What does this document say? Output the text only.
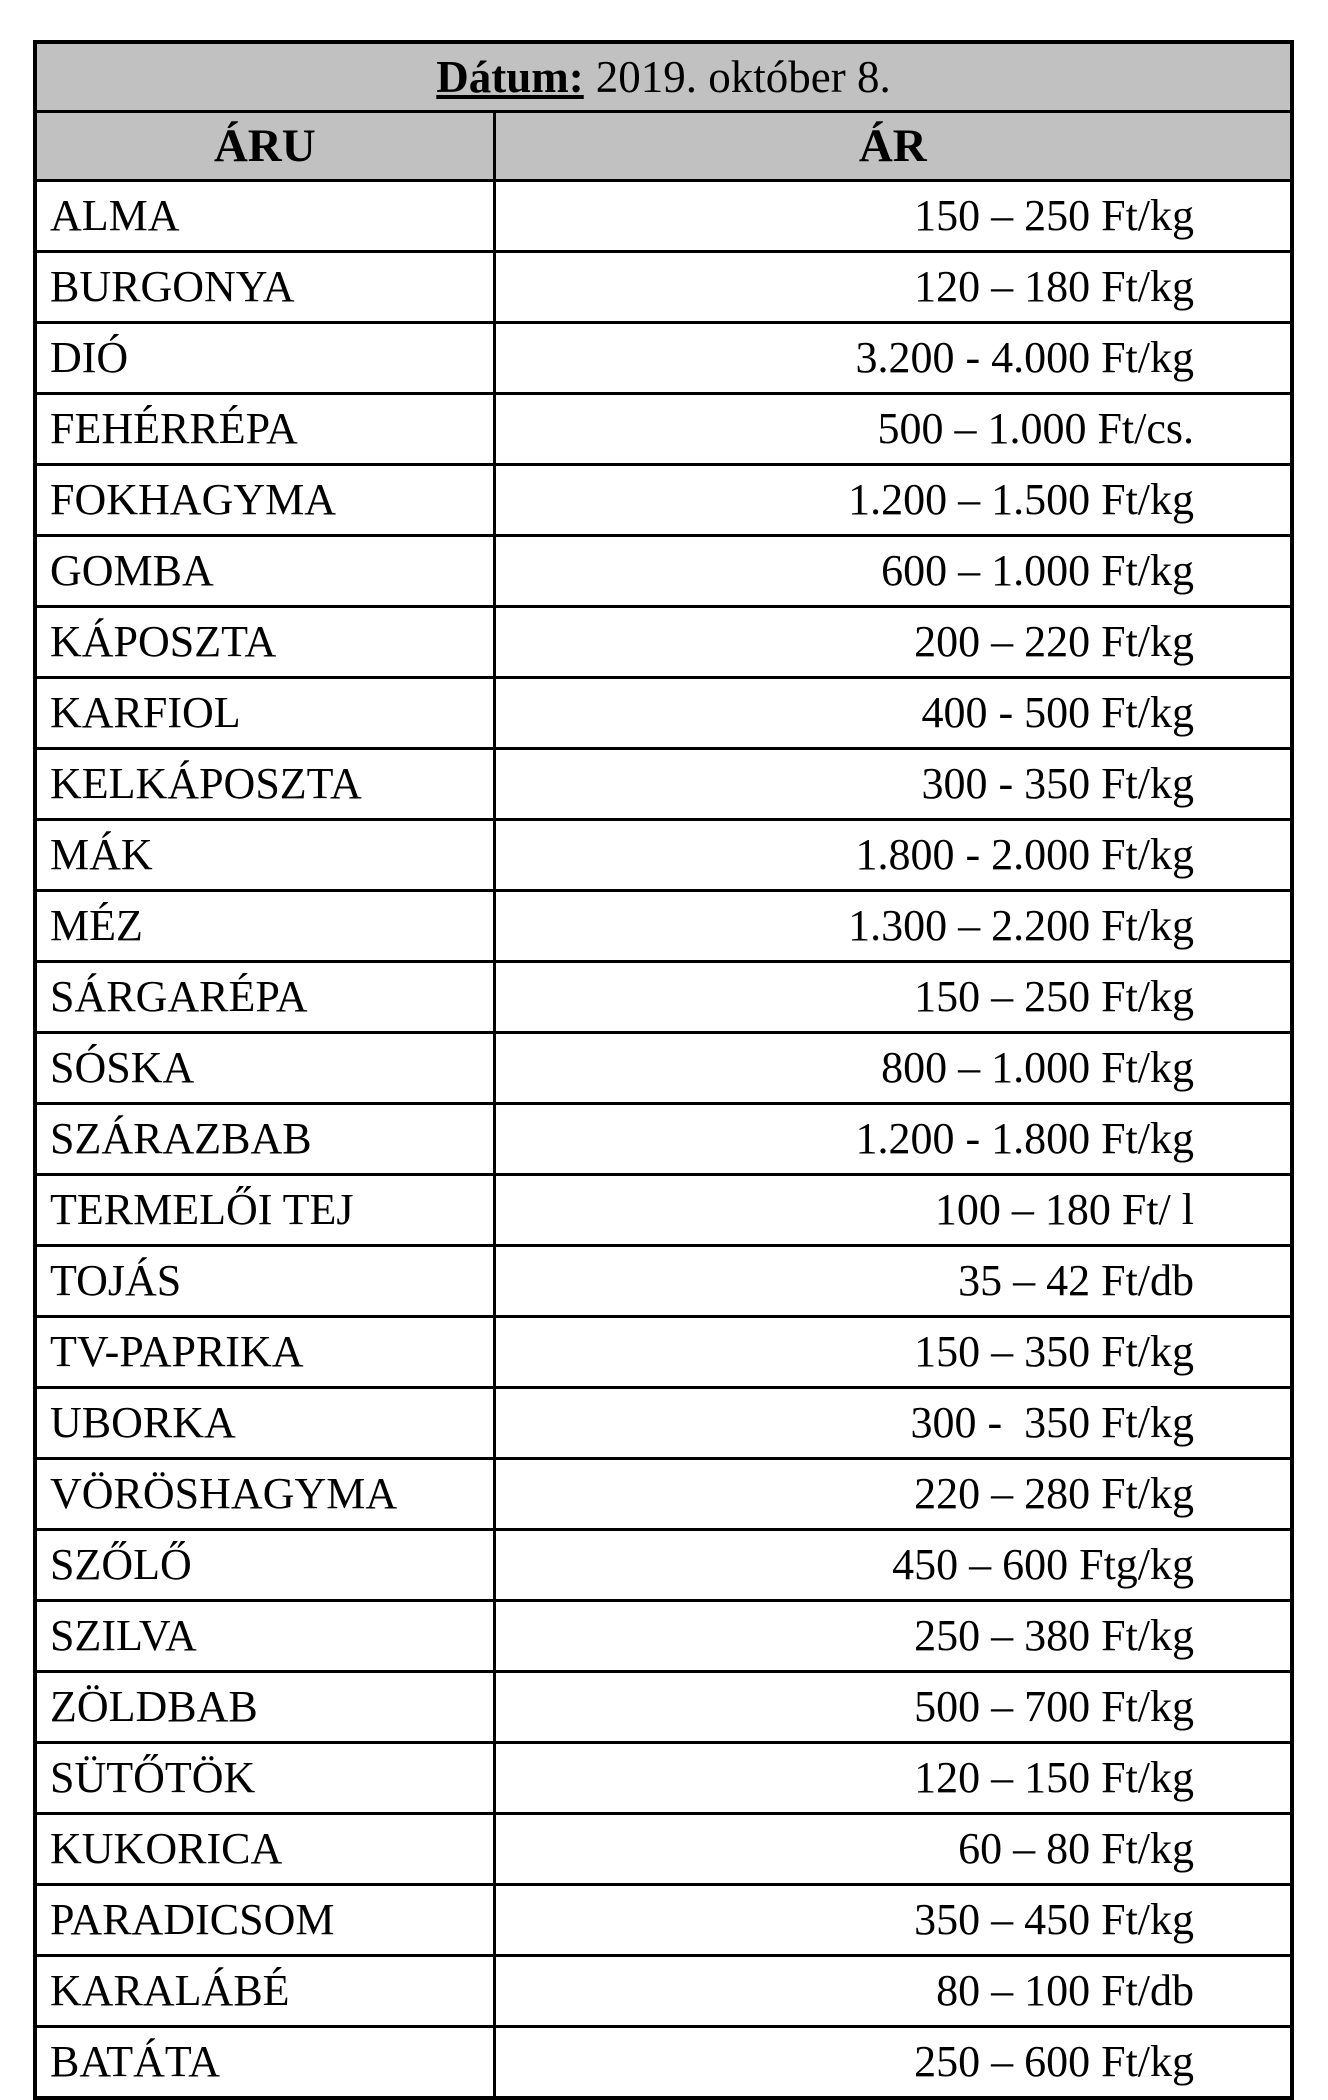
Dátum: 2019. október 8.	
ÁRU	ÁR
ALMA	150 – 250 Ft/kg
BURGONYA	120 – 180 Ft/kg
DIÓ	3.200 - 4.000 Ft/kg
FEHÉRRÉPA	500 – 1.000 Ft/cs.
FOKHAGYMA	1.200 – 1.500 Ft/kg
GOMBA	600 – 1.000 Ft/kg
KÁPOSZTA	200 – 220 Ft/kg
KARFIOL	400 - 500 Ft/kg
KELKÁPOSZTA	300 - 350 Ft/kg
MÁK	1.800 - 2.000 Ft/kg
MÉZ	1.300 – 2.200 Ft/kg
SÁRGARÉPA	150 – 250 Ft/kg
SÓSKA	800 – 1.000 Ft/kg
SZÁRAZBAB	1.200 - 1.800 Ft/kg
TERMELŐI TEJ	100 – 180 Ft/ l
TOJÁS	35 – 42 Ft/db
TV-PAPRIKA	150 – 350 Ft/kg
UBORKA	300 -  350 Ft/kg
VÖRÖSHAGYMA	220 – 280 Ft/kg
SZŐLŐ	450 – 600 Ftg/kg
SZILVA	250 – 380 Ft/kg
ZÖLDBAB	500 – 700 Ft/kg
SÜTŐTÖK	120 – 150 Ft/kg
KUKORICA	60 – 80 Ft/kg
PARADICSOM	350 – 450 Ft/kg
KARALÁBÉ	80 – 100 Ft/db
BATÁTA	250 – 600 Ft/kg
